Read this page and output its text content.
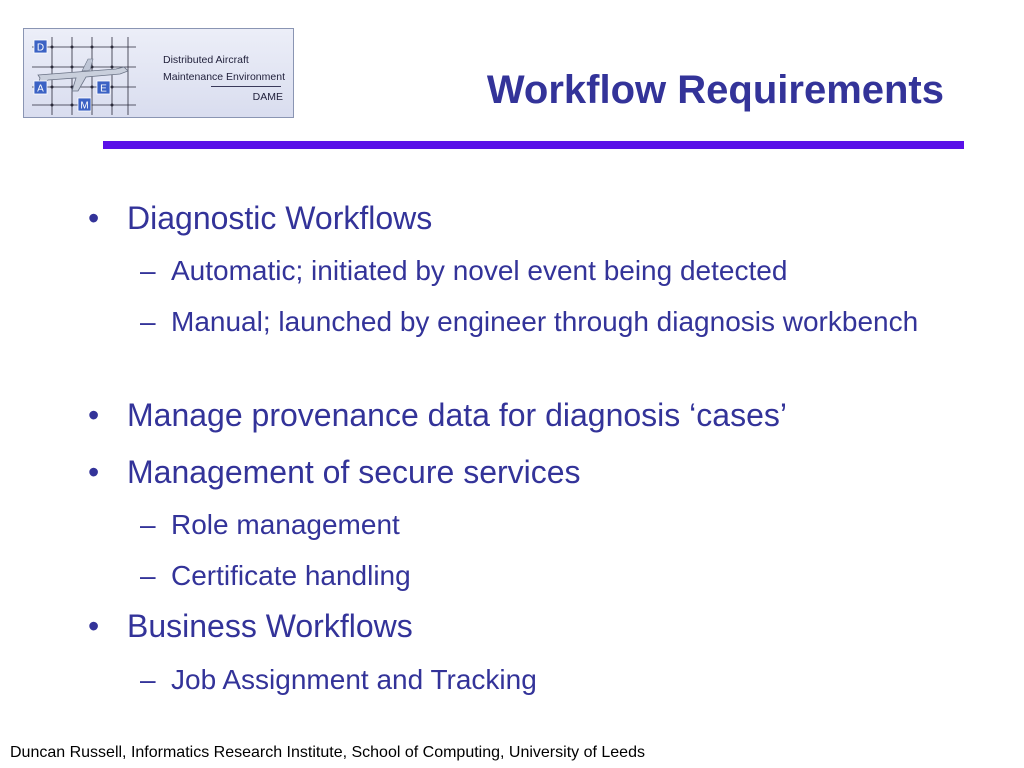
D
A	E
M
Distributed Aircraft
Maintenance Environment
DAME	Workflow Requirements
• Diagnostic Workflows
– Automatic; initiated by novel event being detected
– Manual; launched by engineer through diagnosis workbench
• Manage provenance data for diagnosis ‘cases’
• Management of secure services
– Role management
– Certificate handling
• Business Workflows
– Job Assignment and Tracking
Duncan Russell, Informatics Research Institute, School of Computing, University of Leeds
